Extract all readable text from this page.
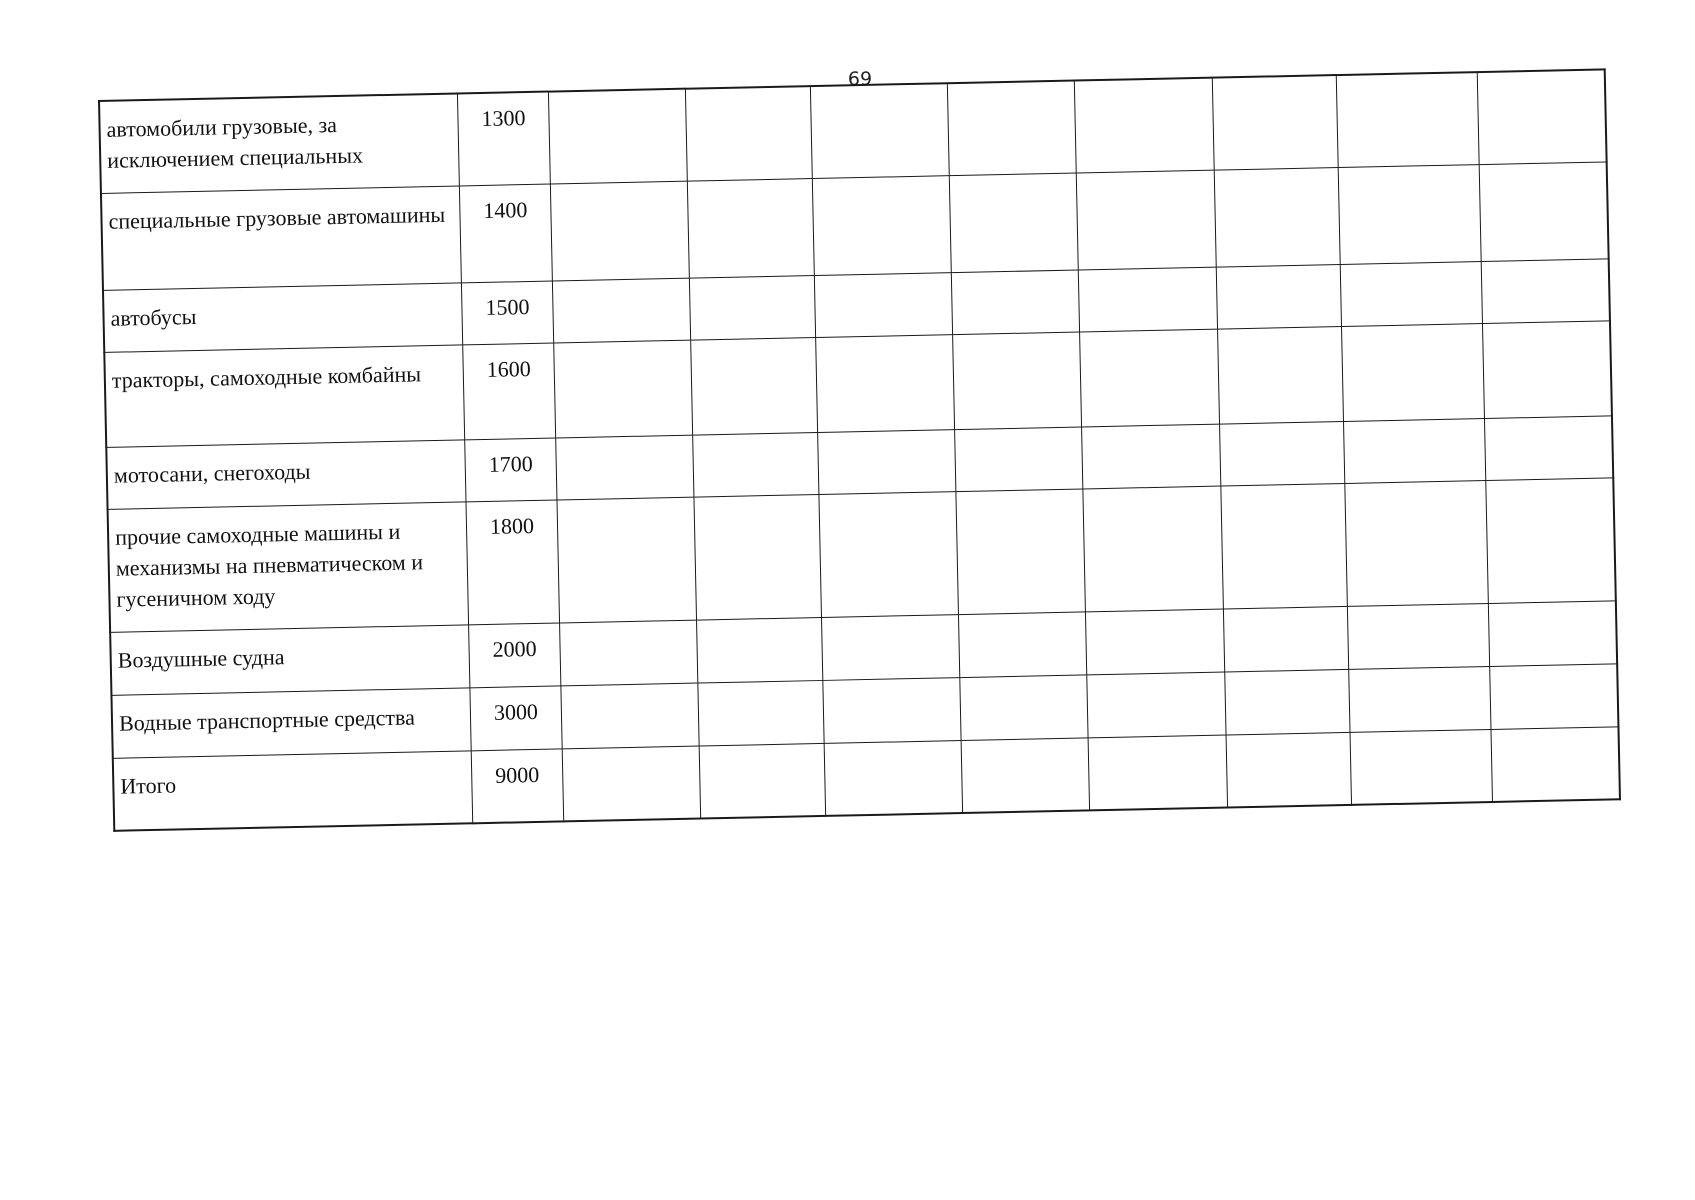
69
автомобили грузовые, за исключением специальных	1300								
специальные грузовые автомашины	1400								
автобусы	1500								
тракторы, самоходные комбайны	1600								
мотосани, снегоходы	1700								
прочие самоходные машины и механизмы на пневматическом и гусеничном ходу	1800								
Воздушные судна	2000								
Водные транспортные средства	3000								
Итого	9000								
